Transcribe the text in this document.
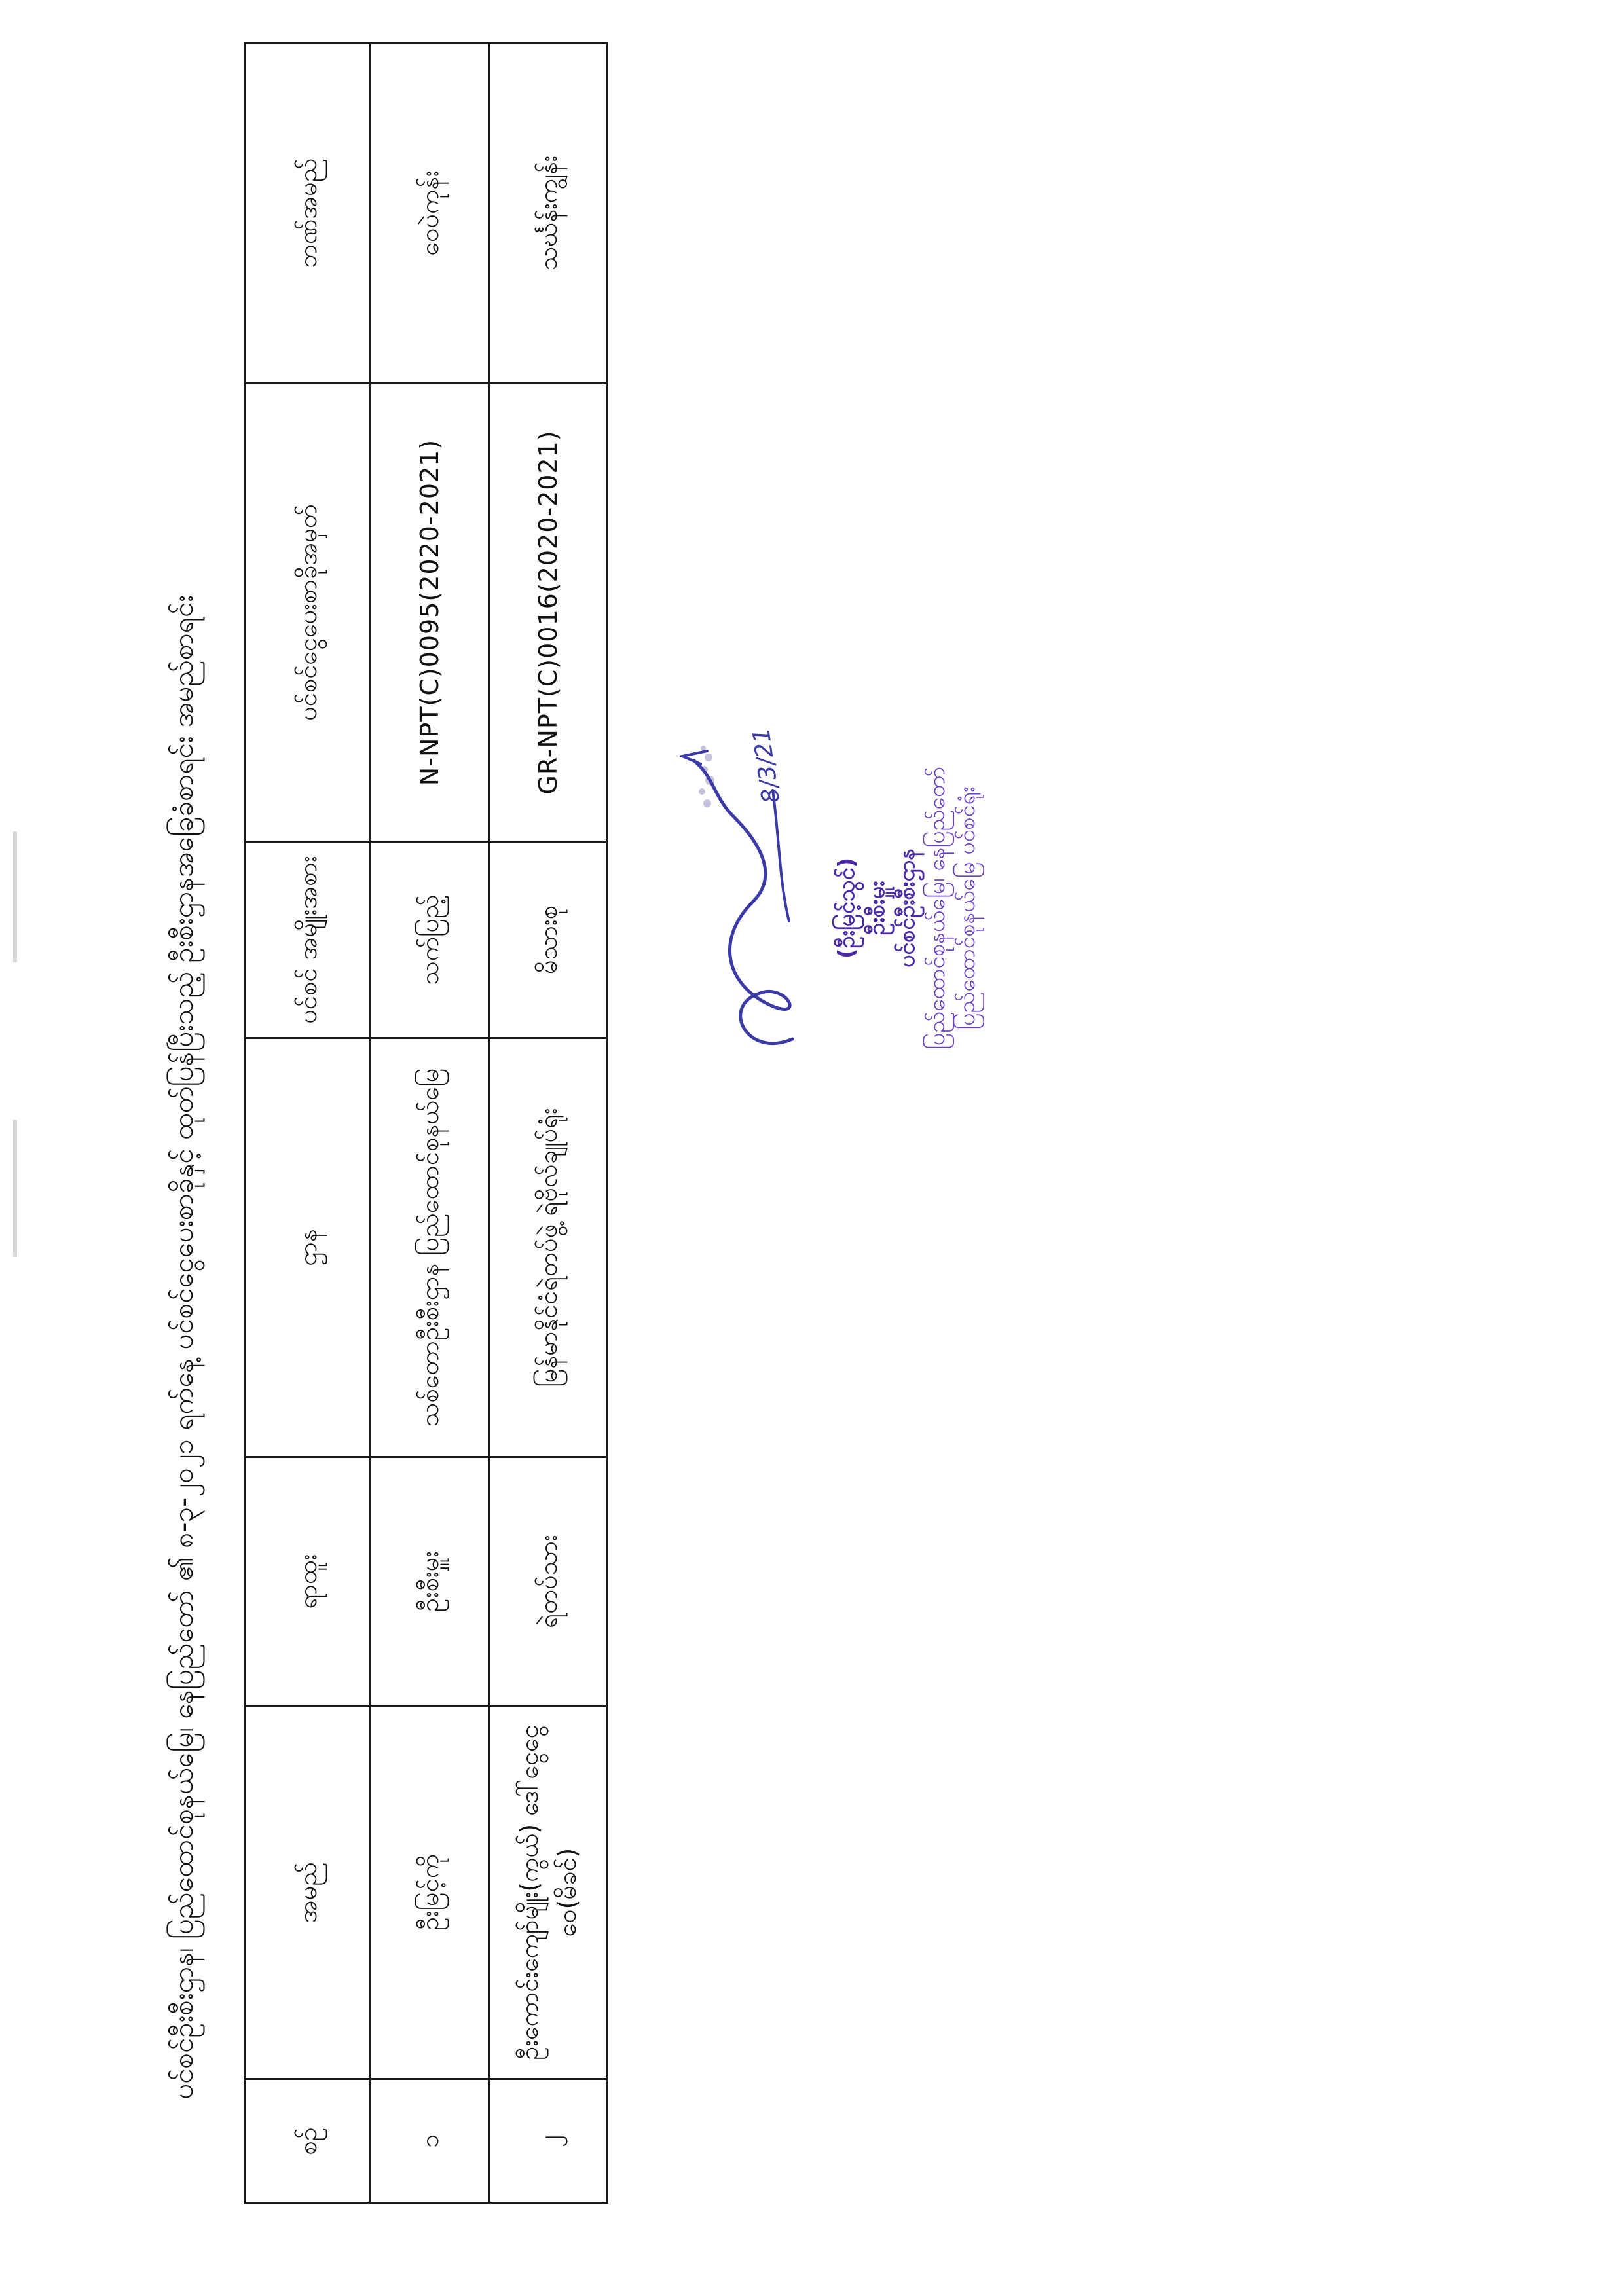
ပင်စင်ဦးစီးဌာန၊ ပြည်ထောင်စုနယ်မြေ၊ နေပြည်တော် ၏ ၈-၃-၂၀၂၁ ရက်နေ့ ပင်စင်ငွေပေးစာခိုနှင့် ထုတ်ပြန်ပြီးသည့် ဦးစီးဌာနအခြေခံစာရင်း အမည်စာရင်း
စဉ်	အမည်	ရာထူး	ဌာန	ပင်စင် အမျိုးအစား	ပင်စင်ငွေပေးစာခိုအမှတ်	ဘဏ်အမည်
၁	ဦးမြင့်ကို	ဦးစီးမှူး	သစ်တောဦးစီးဌာန ပြည်ထောင်စုနယ်မြေ	သက်ပြည့်	N-NPT(C)0095(2020-2021)	ဝေပဲကုန်း
၂	ဦးကောင်းကျော်မျိုး(ကွယ်) ဒေါ်ငွေငွေဝေ(မိခင်)	ရဲတပ်သား	မြန်မာနိုင်ငံရဲတပ်ဖွဲ့ ရဲဗိုလ်ချုပ်ရုံး	မိသားစု	GR-NPT(C)0016(2020-2021)	သင်္ဃန်းကျွန်း
8/3/21
(ဦးမြင့်သွင်) ဦးစီးမှူး ပင်စင်ဦးစီးဌာန ပြည်ထောင်စုနယ်မြေ၊ နေပြည်တော် ပြည်ထောင်စုနယ်မြေ ပင်စင်ရုံး
